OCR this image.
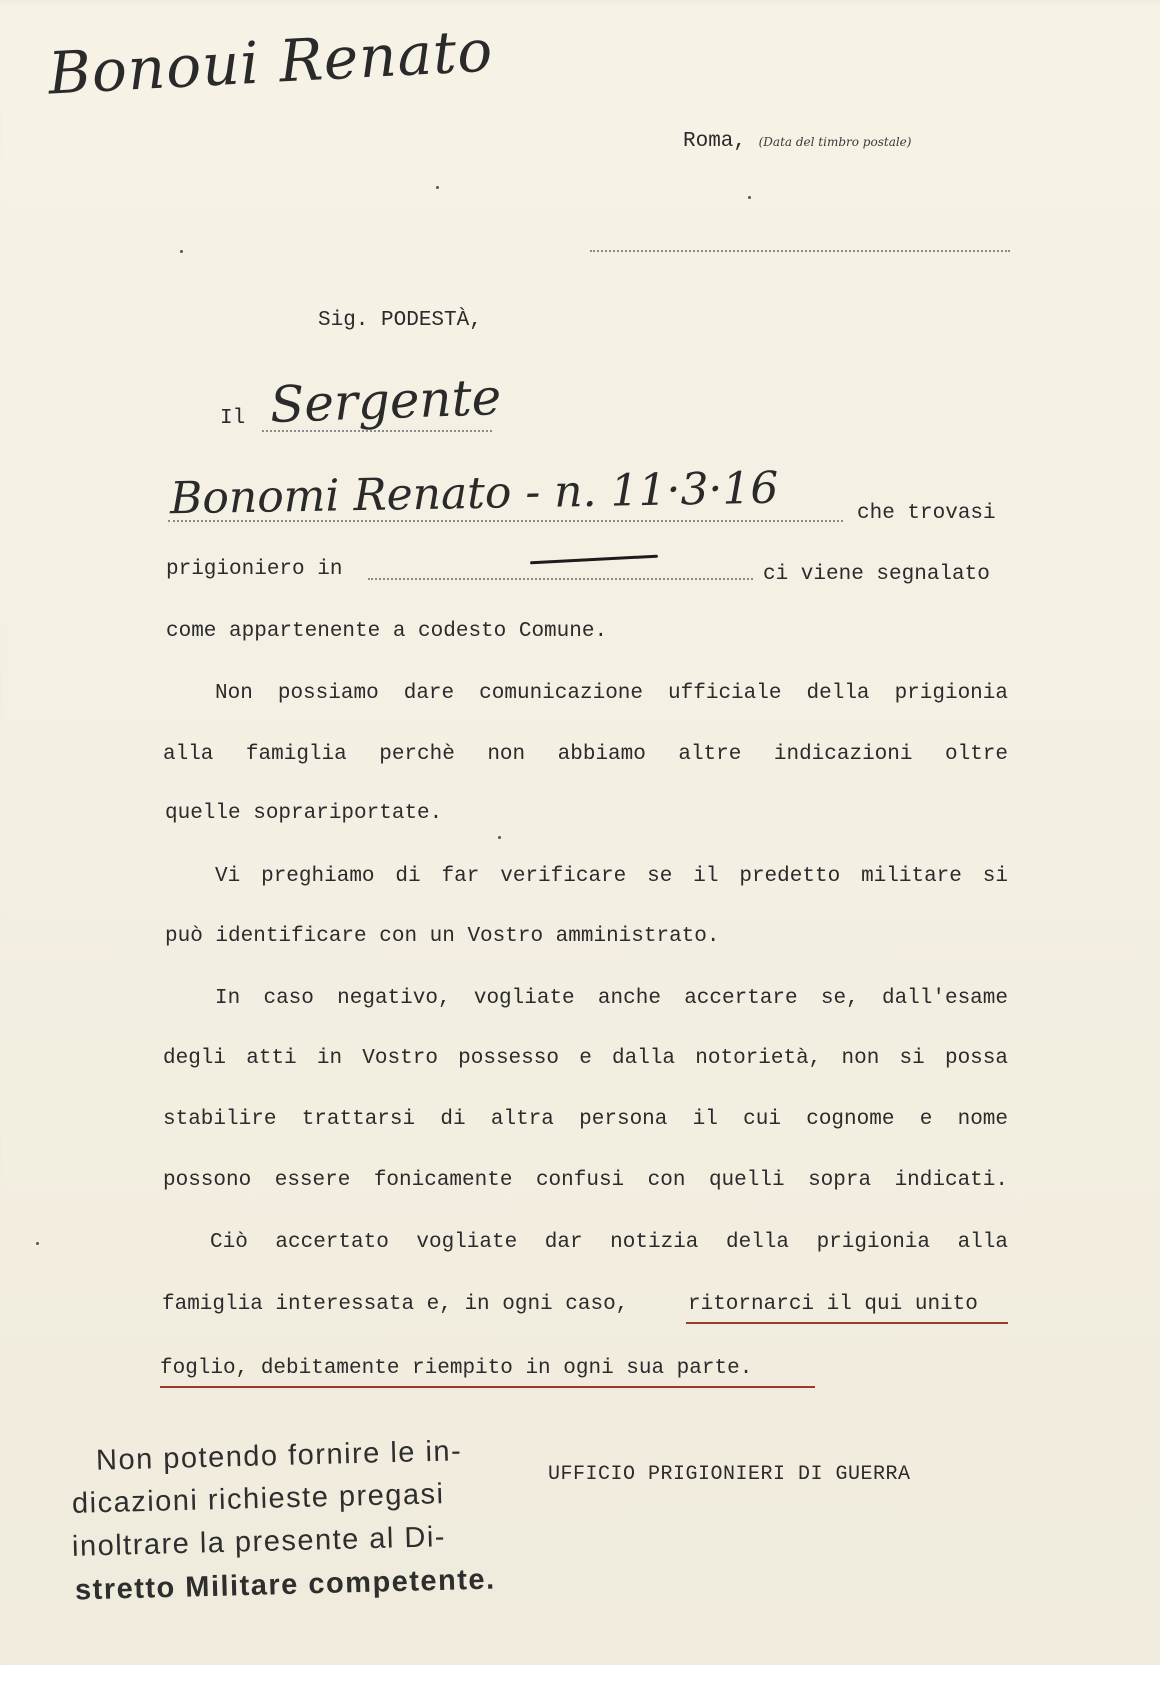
Bonoui Renato
Roma, (Data del timbro postale)
Sig. PODESTÀ,
Il Sergente
Bonomi Renato - n. 11·3·16	che trovasi
prigioniero in	ci viene segnalato
come appartenente a codesto Comune.
Non possiamo dare comunicazione ufficiale della prigionia
alla famiglia perchè non abbiamo altre indicazioni oltre
quelle soprariportate.
Vi preghiamo di far verificare se il predetto militare si
può identificare con un Vostro amministrato.
In caso negativo, vogliate anche accertare se, dall'esame
degli atti in Vostro possesso e dalla notorietà, non si possa
stabilire trattarsi di altra persona il cui cognome e nome
possono essere fonicamente confusi con quelli sopra indicati.
Ciò accertato vogliate dar notizia della prigionia alla
famiglia interessata e, in ogni caso,	ritornarci il qui unito
foglio, debitamente riempito in ogni sua parte.
UFFICIO PRIGIONIERI DI GUERRA
Non potendo fornire le in-
dicazioni richieste pregasi
inoltrare la presente al Di-
stretto Militare competente.
